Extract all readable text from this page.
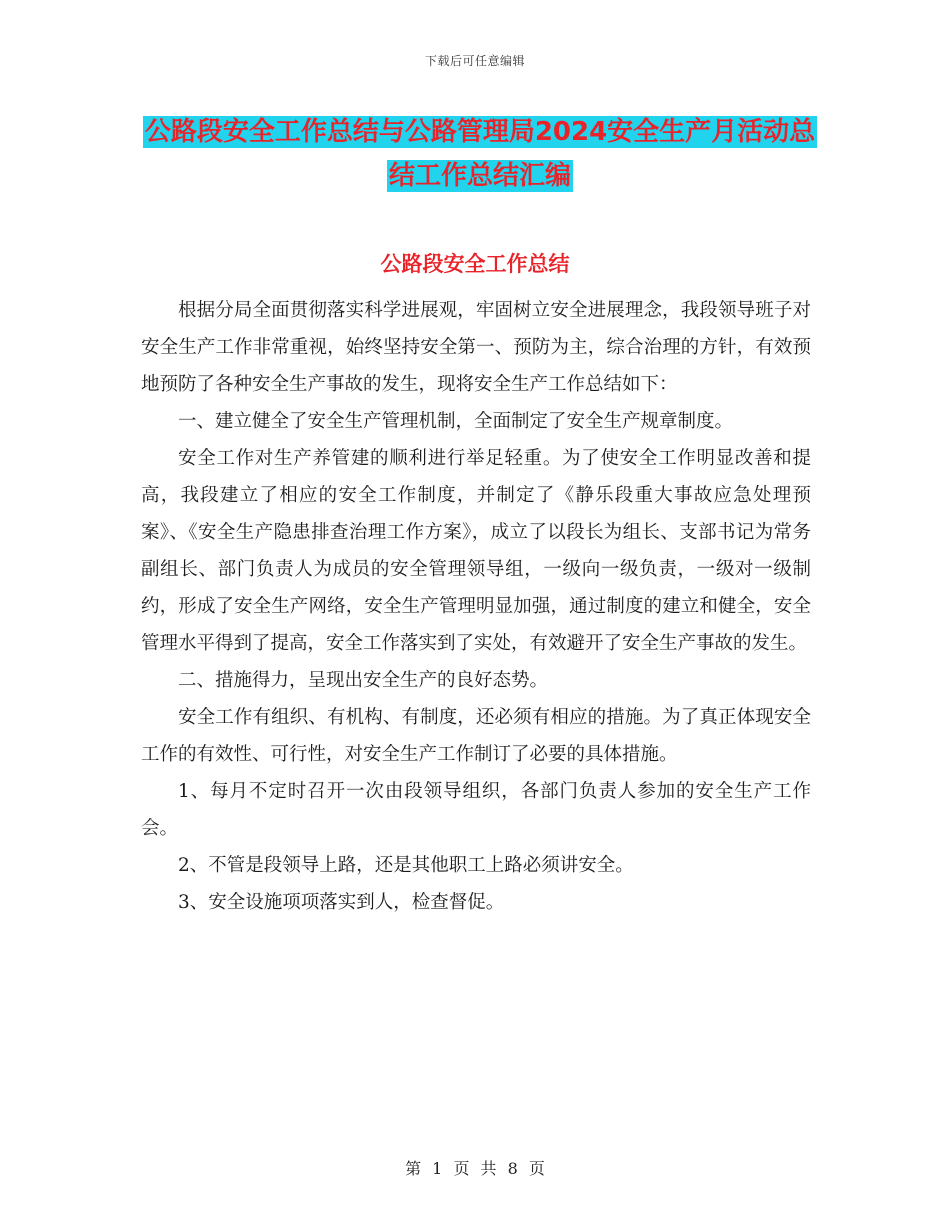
下载后可任意编辑
公路段安全工作总结与公路管理局2024安全生产月活动总结工作总结汇编
公路段安全工作总结

根据分局全面贯彻落实科学进展观，牢固树立安全进展理念，我段领导班子对安全生产工作非常重视，始终坚持安全第一、预防为主，综合治理的方针，有效预地预防了各种安全生产事故的发生，现将安全生产工作总结如下：

一、建立健全了安全生产管理机制，全面制定了安全生产规章制度。

安全工作对生产养管建的顺利进行举足轻重。为了使安全工作明显改善和提高，我段建立了相应的安全工作制度，并制定了《静乐段重大事故应急处理预案》、《安全生产隐患排查治理工作方案》，成立了以段长为组长、支部书记为常务副组长、部门负责人为成员的安全管理领导组，一级向一级负责，一级对一级制约，形成了安全生产网络，安全生产管理明显加强，通过制度的建立和健全，安全管理水平得到了提高，安全工作落实到了实处，有效避开了安全生产事故的发生。

二、措施得力，呈现出安全生产的良好态势。

安全工作有组织、有机构、有制度，还必须有相应的措施。为了真正体现安全工作的有效性、可行性，对安全生产工作制订了必要的具体措施。

1、每月不定时召开一次由段领导组织，各部门负责人参加的安全生产工作会。

2、不管是段领导上路，还是其他职工上路必须讲安全。

3、安全设施项项落实到人，检查督促。

第 1 页 共 8 页
